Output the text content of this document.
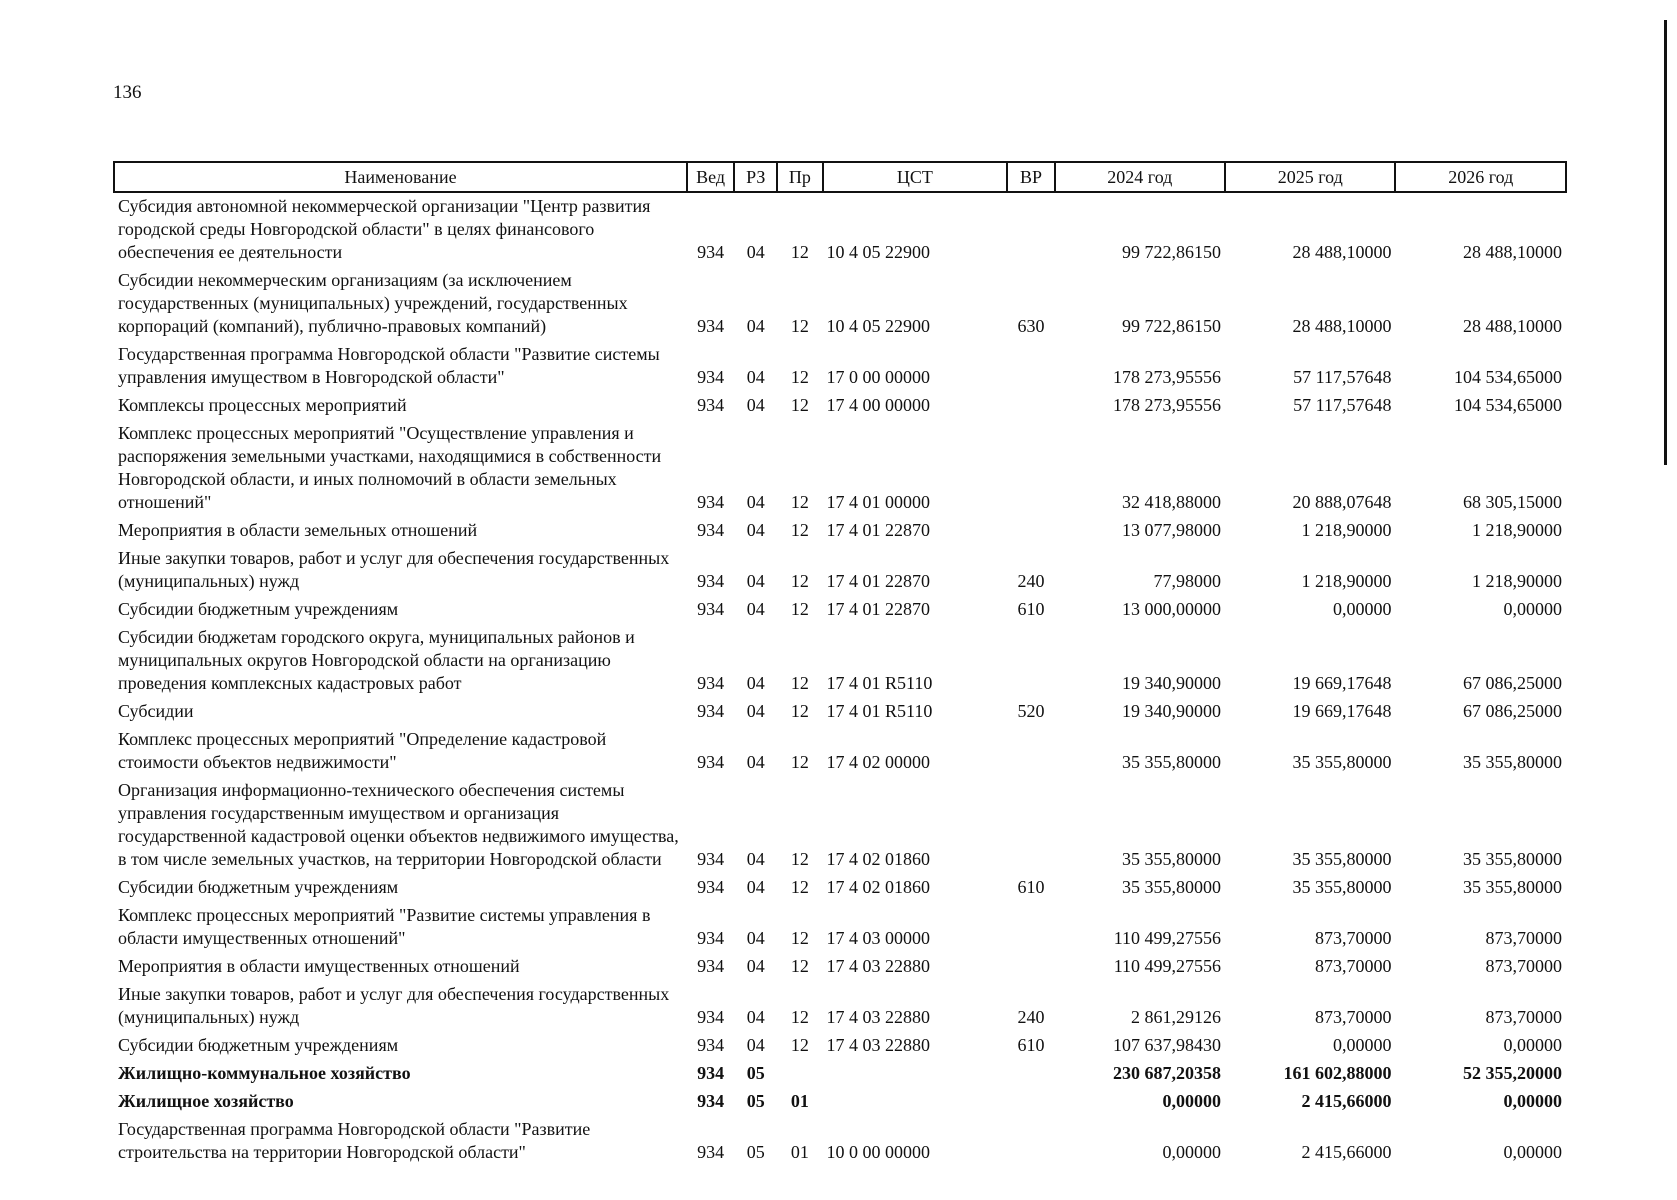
136
Наименование	Вед	РЗ	Пр	ЦСТ	ВР	2024 год	2025 год	2026 год
Субсидия автономной некоммерческой организации "Центр развития городской среды Новгородской области" в целях финансового обеспечения ее деятельности	934	04	12	10 4 05 22900		99 722,86150	28 488,10000	28 488,10000
Субсидии некоммерческим организациям (за исключением государственных (муниципальных) учреждений, государственных корпораций (компаний), публично-правовых компаний)	934	04	12	10 4 05 22900	630	99 722,86150	28 488,10000	28 488,10000
Государственная программа Новгородской области "Развитие системы управления имуществом в Новгородской области"	934	04	12	17 0 00 00000		178 273,95556	57 117,57648	104 534,65000
Комплексы процессных мероприятий	934	04	12	17 4 00 00000		178 273,95556	57 117,57648	104 534,65000
Комплекс процессных мероприятий "Осуществление управления и распоряжения земельными участками, находящимися в собственности Новгородской области, и иных полномочий в области земельных отношений"	934	04	12	17 4 01 00000		32 418,88000	20 888,07648	68 305,15000
Мероприятия в области земельных отношений	934	04	12	17 4 01 22870		13 077,98000	1 218,90000	1 218,90000
Иные закупки товаров, работ и услуг для обеспечения государственных (муниципальных) нужд	934	04	12	17 4 01 22870	240	77,98000	1 218,90000	1 218,90000
Субсидии бюджетным учреждениям	934	04	12	17 4 01 22870	610	13 000,00000	0,00000	0,00000
Субсидии бюджетам городского округа, муниципальных районов и муниципальных округов Новгородской области на организацию проведения комплексных кадастровых работ	934	04	12	17 4 01 R5110		19 340,90000	19 669,17648	67 086,25000
Субсидии	934	04	12	17 4 01 R5110	520	19 340,90000	19 669,17648	67 086,25000
Комплекс процессных мероприятий "Определение кадастровой стоимости объектов недвижимости"	934	04	12	17 4 02 00000		35 355,80000	35 355,80000	35 355,80000
Организация информационно-технического обеспечения системы управления государственным имуществом и организация государственной кадастровой оценки объектов недвижимого имущества, в том числе земельных участков, на территории Новгородской области	934	04	12	17 4 02 01860		35 355,80000	35 355,80000	35 355,80000
Субсидии бюджетным учреждениям	934	04	12	17 4 02 01860	610	35 355,80000	35 355,80000	35 355,80000
Комплекс процессных мероприятий "Развитие системы управления в области имущественных отношений"	934	04	12	17 4 03 00000		110 499,27556	873,70000	873,70000
Мероприятия в области имущественных отношений	934	04	12	17 4 03 22880		110 499,27556	873,70000	873,70000
Иные закупки товаров, работ и услуг для обеспечения государственных (муниципальных) нужд	934	04	12	17 4 03 22880	240	2 861,29126	873,70000	873,70000
Субсидии бюджетным учреждениям	934	04	12	17 4 03 22880	610	107 637,98430	0,00000	0,00000
Жилищно-коммунальное хозяйство	934	05				230 687,20358	161 602,88000	52 355,20000
Жилищное хозяйство	934	05	01			0,00000	2 415,66000	0,00000
Государственная программа Новгородской области "Развитие строительства на территории Новгородской области"	934	05	01	10 0 00 00000		0,00000	2 415,66000	0,00000
